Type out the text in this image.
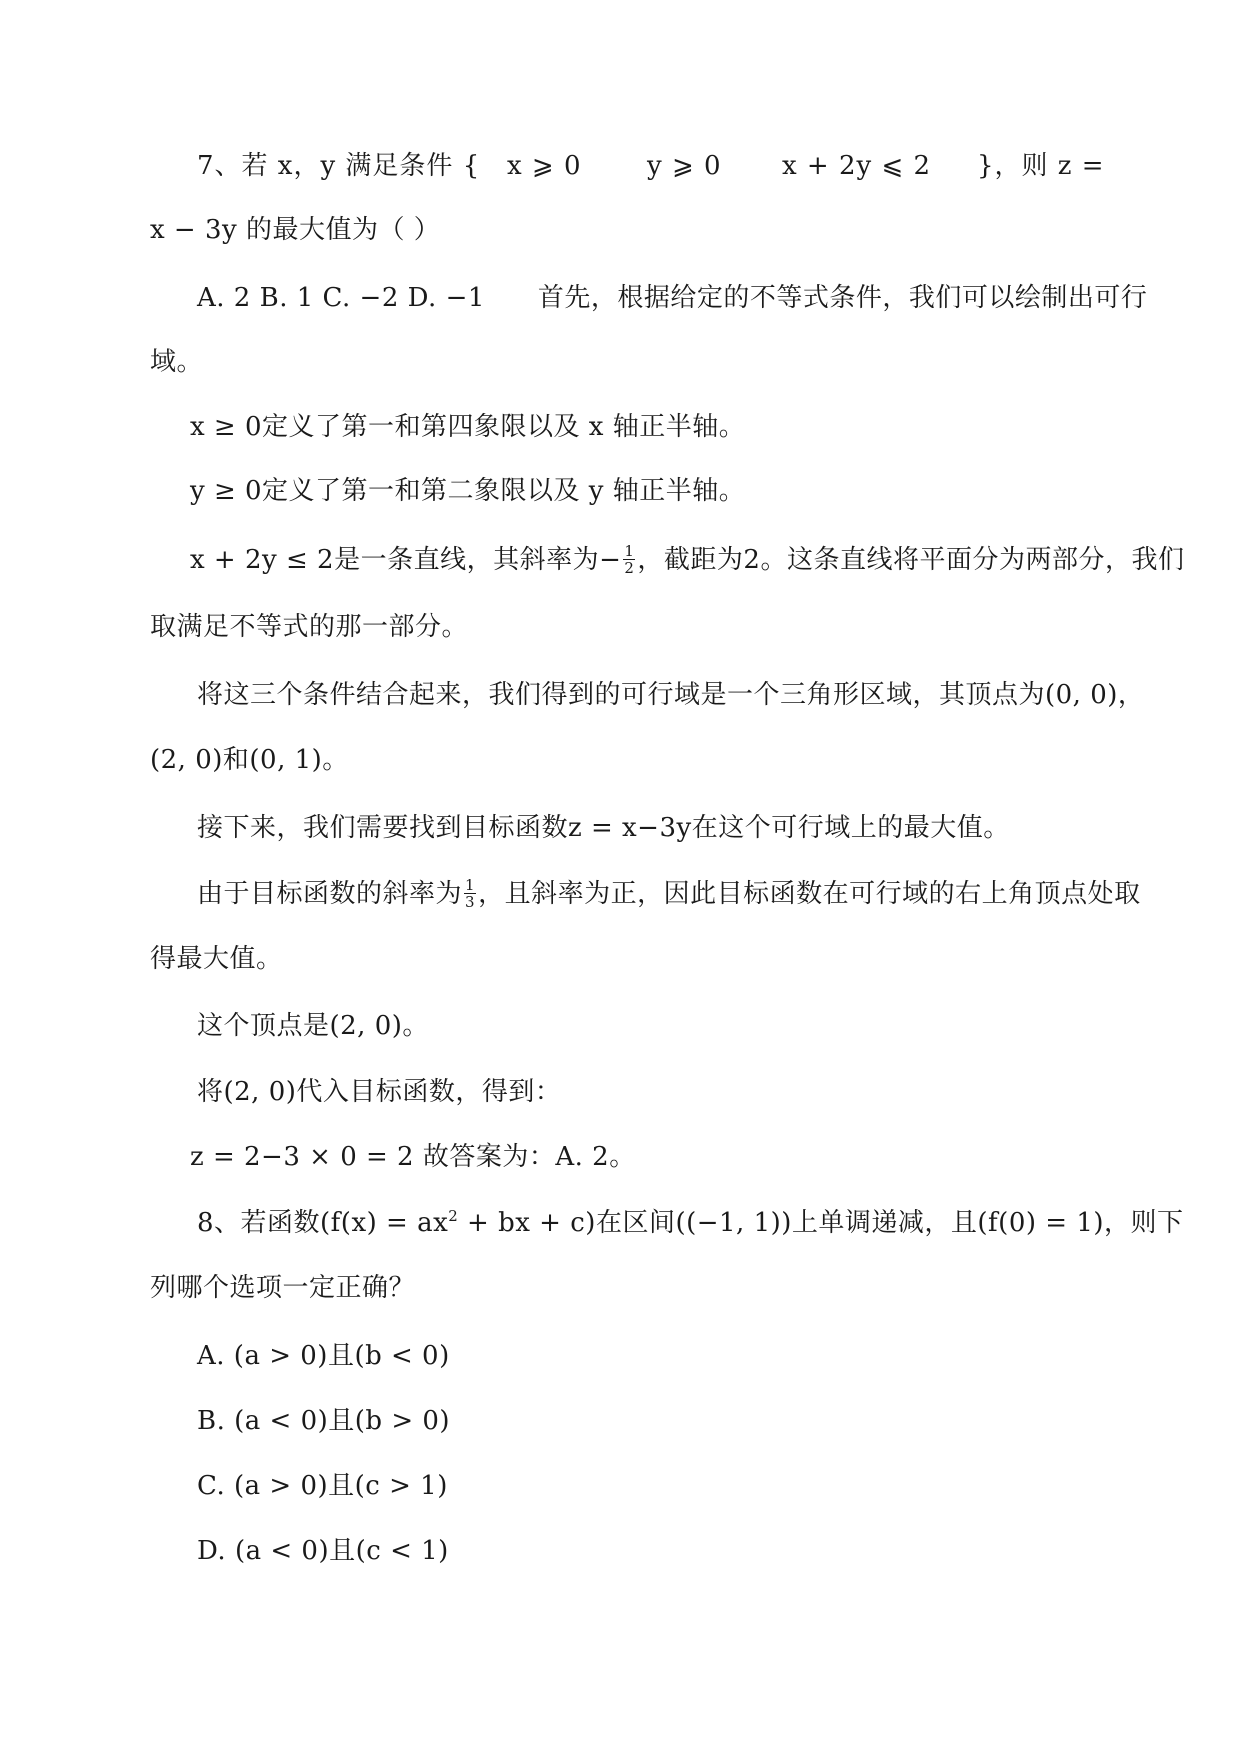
7、若 x，y 满足条件 { x ⩾ 0	y ⩾ 0 x + 2y ⩽ 2 }，则 z =
x − 3y 的最大值为（ ）
A. 2 B. 1 C. −2 D. −1　　首先，根据给定的不等式条件，我们可以绘制出可行
域。
x ≥ 0定义了第一和第四象限以及 x 轴正半轴。
y ≥ 0定义了第一和第二象限以及 y 轴正半轴。
x + 2y ≤ 2是一条直线，其斜率为− $\frac{1}{2}$ ，截距为2。这条直线将平面分为两部分，我们
取满足不等式的那一部分。
将这三个条件结合起来，我们得到的可行域是一个三角形区域，其顶点为(0, 0)，
(2, 0)和(0, 1)。
接下来，我们需要找到目标函数z = x−3y在这个可行域上的最大值。
由于目标函数的斜率为 $\frac{1}{3}$ ，且斜率为正，因此目标函数在可行域的右上角顶点处取
得最大值。
这个顶点是(2, 0)。
将(2, 0)代入目标函数，得到：
z = 2−3 × 0 = 2 故答案为：A. 2。
8、若函数($f(x) = ax^2$ + bx + c)在区间((−1, 1))上单调递减，且(f(0) = 1)，则下
列哪个选项一定正确？
A. (a > 0)且(b < 0)
B. (a < 0)且(b > 0)
C. (a > 0)且(c > 1)
D. (a < 0)且(c < 1)
